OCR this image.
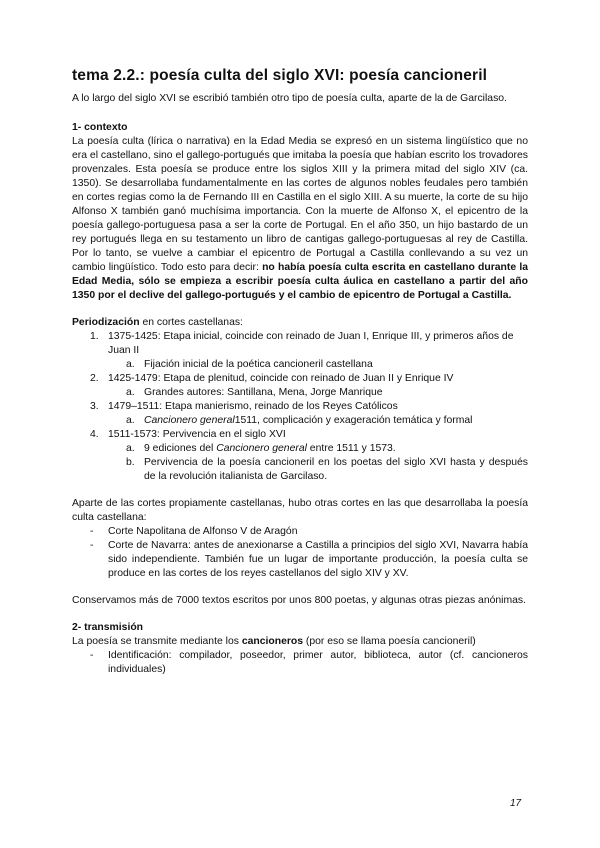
tema 2.2.: poesía culta del siglo XVI: poesía cancioneril

A lo largo del siglo XVI se escribió también otro tipo de poesía culta, aparte de la de Garcilaso.

1- contexto

La poesía culta (lírica o narrativa) en la Edad Media se expresó en un sistema lingüístico que no era el castellano, sino el gallego-portugués que imitaba la poesía que habían escrito los trovadores provenzales. Esta poesía se produce entre los siglos XIII y la primera mitad del siglo XIV (ca. 1350). Se desarrollaba fundamentalmente en las cortes de algunos nobles feudales pero también en cortes regias como la de Fernando III en Castilla en el siglo XIII. A su muerte, la corte de su hijo Alfonso X también ganó muchísima importancia. Con la muerte de Alfonso X, el epicentro de la poesía gallego-portuguesa pasa a ser la corte de Portugal. En el año 350, un hijo bastardo de un rey portugués llega en su testamento un libro de cantigas gallego-portuguesas al rey de Castilla. Por lo tanto, se vuelve a cambiar el epicentro de Portugal a Castilla conllevando a su vez un cambio lingüístico. Todo esto para decir: no había poesía culta escrita en castellano durante la Edad Media, sólo se empieza a escribir poesía culta áulica en castellano a partir del año 1350 por el declive del gallego-portugués y el cambio de epicentro de Portugal a Castilla.

Periodización en cortes castellanas:

1. 1375-1425: Etapa inicial, coincide con reinado de Juan I, Enrique III, y primeros años de Juan II
a. Fijación inicial de la poética cancioneril castellana
2. 1425-1479: Etapa de plenitud, coincide con reinado de Juan II y Enrique IV
a. Grandes autores: Santillana, Mena, Jorge Manrique
3. 1479–1511: Etapa manierismo, reinado de los Reyes Católicos
a. Cancionero general1511, complicación y exageración temática y formal
4. 1511-1573: Pervivencia en el siglo XVI
a. 9 ediciones del Cancionero general entre 1511 y 1573.
b. Pervivencia de la poesía cancioneril en los poetas del siglo XVI hasta y después de la revolución italianista de Garcilaso.

Aparte de las cortes propiamente castellanas, hubo otras cortes en las que desarrollaba la poesía culta castellana:

- Corte Napolitana de Alfonso V de Aragón
- Corte de Navarra: antes de anexionarse a Castilla a principios del siglo XVI, Navarra había sido independiente. También fue un lugar de importante producción, la poesía culta se produce en las cortes de los reyes castellanos del siglo XIV y XV.

Conservamos más de 7000 textos escritos por unos 800 poetas, y algunas otras piezas anónimas.

2- transmisión

La poesía se transmite mediante los cancioneros (por eso se llama poesía cancioneril)

- Identificación: compilador, poseedor, primer autor, biblioteca, autor (cf. cancioneros individuales)
17
